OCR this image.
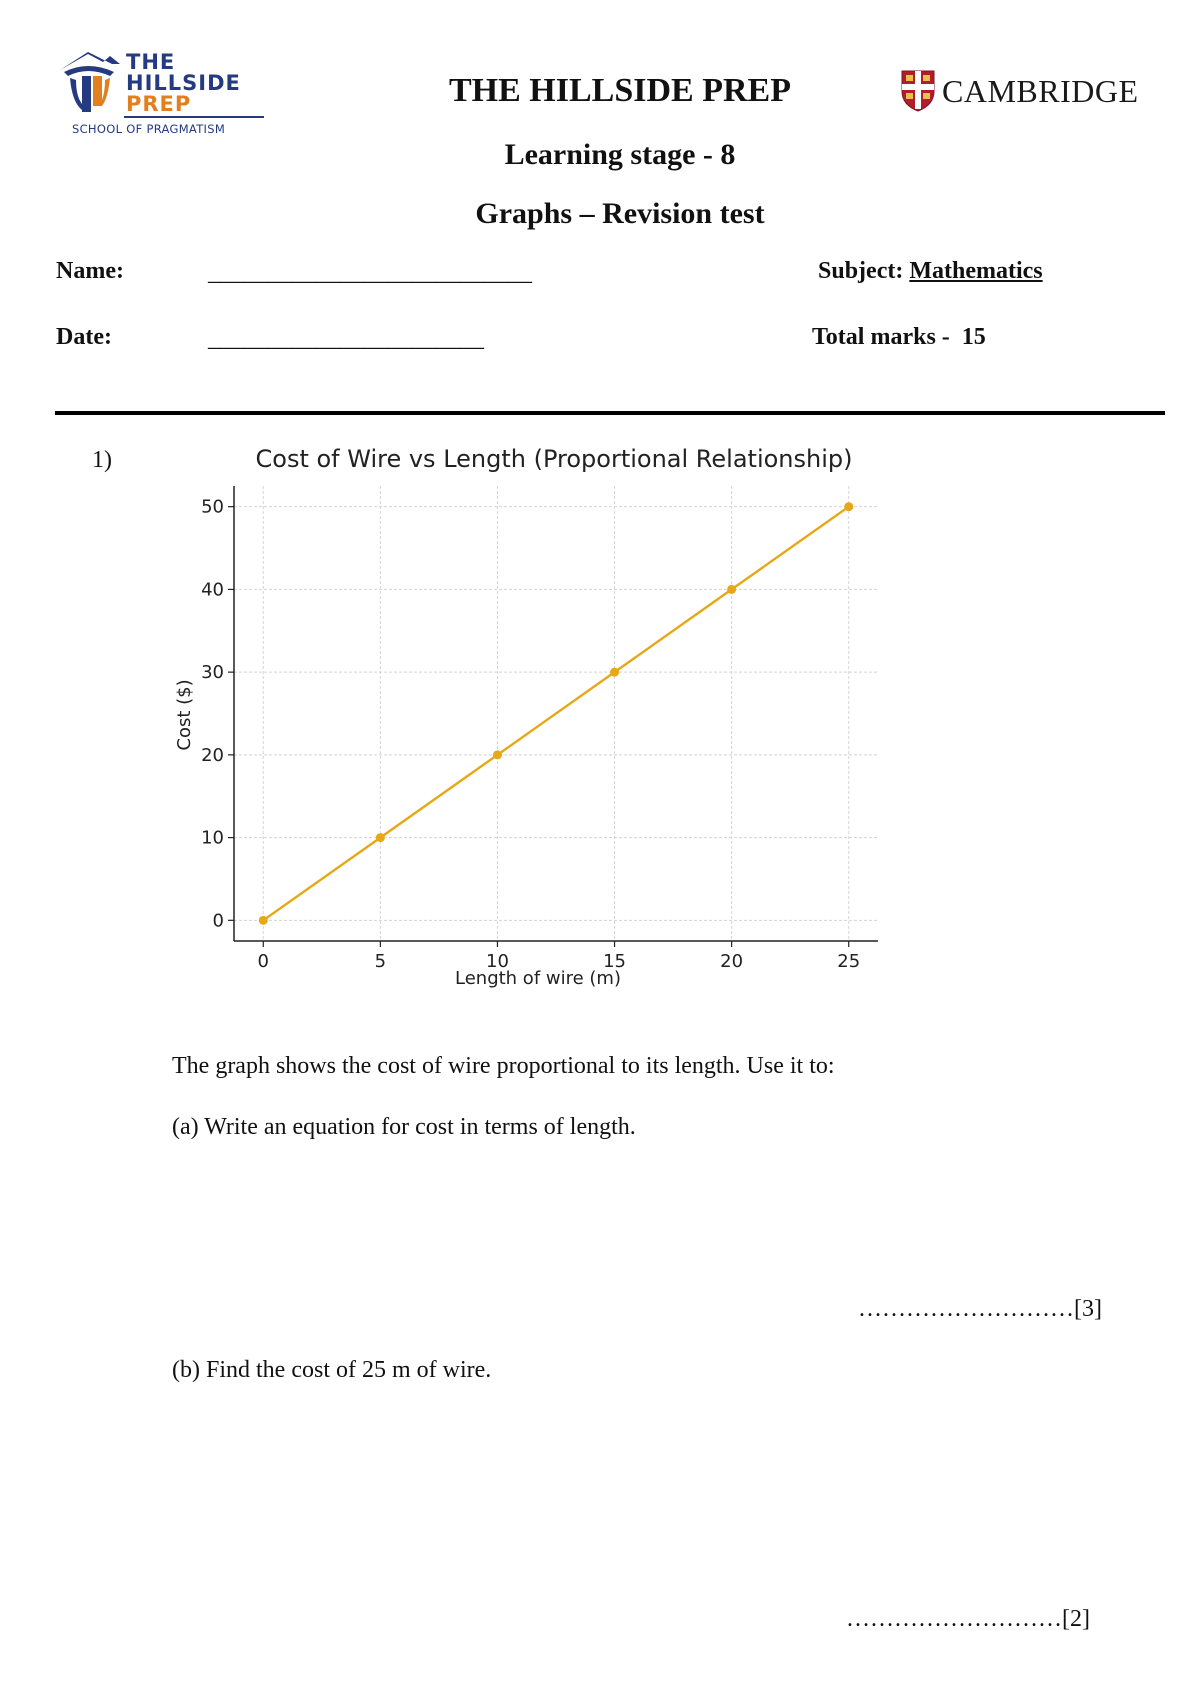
THE
HILLSIDE
PREP
SCHOOL OF PRAGMATISM
THE HILLSIDE PREP
Learning stage - 8
Graphs – Revision test
CAMBRIDGE
Name:	___________________________
Date:	_______________________
Subject: Mathematics
Total marks -  15
1)	Cost of Wire vs Length (Proportional Relationship)
0	5	10	15	20	25
0
10
20
30
40
50
Length of wire (m)
Cost ($)
The graph shows the cost of wire proportional to its length. Use it to:
(a) Write an equation for cost in terms of length.
………………………[3]
(b) Find the cost of 25 m of wire.
………………………[2]
